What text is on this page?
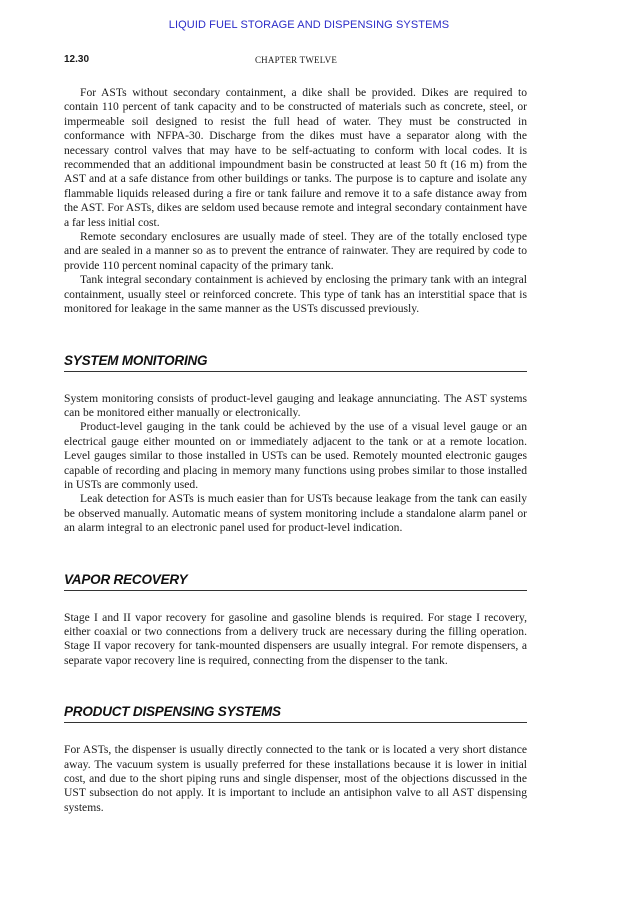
LIQUID FUEL STORAGE AND DISPENSING SYSTEMS
12.30	CHAPTER TWELVE

For ASTs without secondary containment, a dike shall be provided. Dikes are required to contain 110 percent of tank capacity and to be constructed of materials such as concrete, steel, or impermeable soil designed to resist the full head of water. They must be constructed in conformance with NFPA-30. Discharge from the dikes must have a separator along with the necessary control valves that may have to be self-actuating to conform with local codes. It is recommended that an additional impoundment basin be constructed at least 50 ft (16 m) from the AST and at a safe distance from other buildings or tanks. The purpose is to capture and isolate any flammable liquids released during a fire or tank failure and remove it to a safe distance away from the AST. For ASTs, dikes are seldom used because remote and integral secondary containment have a far less initial cost.

Remote secondary enclosures are usually made of steel. They are of the totally enclosed type and are sealed in a manner so as to prevent the entrance of rainwater. They are required by code to provide 110 percent nominal capacity of the primary tank.

Tank integral secondary containment is achieved by enclosing the primary tank with an integral containment, usually steel or reinforced concrete. This type of tank has an interstitial space that is monitored for leakage in the same manner as the USTs discussed previously.

SYSTEM MONITORING

System monitoring consists of product-level gauging and leakage annunciating. The AST systems can be monitored either manually or electronically.

Product-level gauging in the tank could be achieved by the use of a visual level gauge or an electrical gauge either mounted on or immediately adjacent to the tank or at a remote location. Level gauges similar to those installed in USTs can be used. Remotely mounted electronic gauges capable of recording and placing in memory many functions using probes similar to those installed in USTs are commonly used.

Leak detection for ASTs is much easier than for USTs because leakage from the tank can easily be observed manually. Automatic means of system monitoring include a standalone alarm panel or an alarm integral to an electronic panel used for product-level indication.

VAPOR RECOVERY

Stage I and II vapor recovery for gasoline and gasoline blends is required. For stage I recovery, either coaxial or two connections from a delivery truck are necessary during the filling operation. Stage II vapor recovery for tank-mounted dispensers are usually integral. For remote dispensers, a separate vapor recovery line is required, connecting from the dispenser to the tank.

PRODUCT DISPENSING SYSTEMS

For ASTs, the dispenser is usually directly connected to the tank or is located a very short distance away. The vacuum system is usually preferred for these installations because it is lower in initial cost, and due to the short piping runs and single dispenser, most of the objections discussed in the UST subsection do not apply. It is important to include an antisiphon valve to all AST dispensing systems.
